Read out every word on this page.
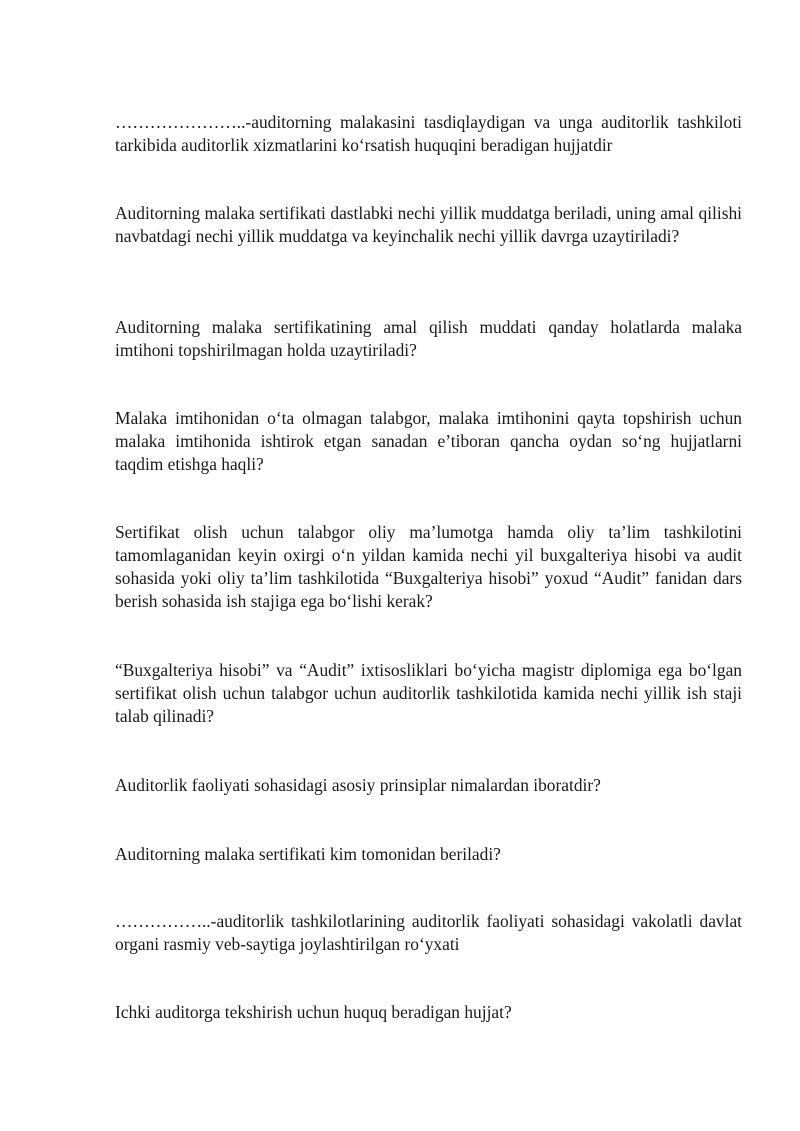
…………………..-auditorning malakasini tasdiqlaydigan va unga auditorlik tashkiloti tarkibida auditorlik xizmatlarini ko‘rsatish huquqini beradigan hujjatdir

Auditorning malaka sertifikati dastlabki nechi yillik muddatga beriladi, uning amal qilishi navbatdagi nechi yillik muddatga va keyinchalik nechi yillik davrga uzaytiriladi?

Auditorning malaka sertifikatining amal qilish muddati qanday holatlarda malaka imtihoni topshirilmagan holda uzaytiriladi?

Malaka imtihonidan o‘ta olmagan talabgor, malaka imtihonini qayta topshirish uchun malaka imtihonida ishtirok etgan sanadan e’tiboran qancha oydan so‘ng hujjatlarni taqdim etishga haqli?

Sertifikat olish uchun talabgor oliy ma’lumotga hamda oliy ta’lim tashkilotini tamomlaganidan keyin oxirgi o‘n yildan kamida nechi yil buxgalteriya hisobi va audit sohasida yoki oliy ta’lim tashkilotida “Buxgalteriya hisobi” yoxud “Audit” fanidan dars berish sohasida ish stajiga ega bo‘lishi kerak?

“Buxgalteriya hisobi” va “Audit” ixtisosliklari bo‘yicha magistr diplomiga ega bo‘lgan sertifikat olish uchun talabgor uchun auditorlik tashkilotida kamida nechi yillik ish staji talab qilinadi?

Auditorlik faoliyati sohasidagi asosiy prinsiplar nimalardan iboratdir?

Auditorning malaka sertifikati kim tomonidan beriladi?

……………..-auditorlik tashkilotlarining auditorlik faoliyati sohasidagi vakolatli davlat organi rasmiy veb-saytiga joylashtirilgan ro‘yxati

Ichki auditorga tekshirish uchun huquq beradigan hujjat?
